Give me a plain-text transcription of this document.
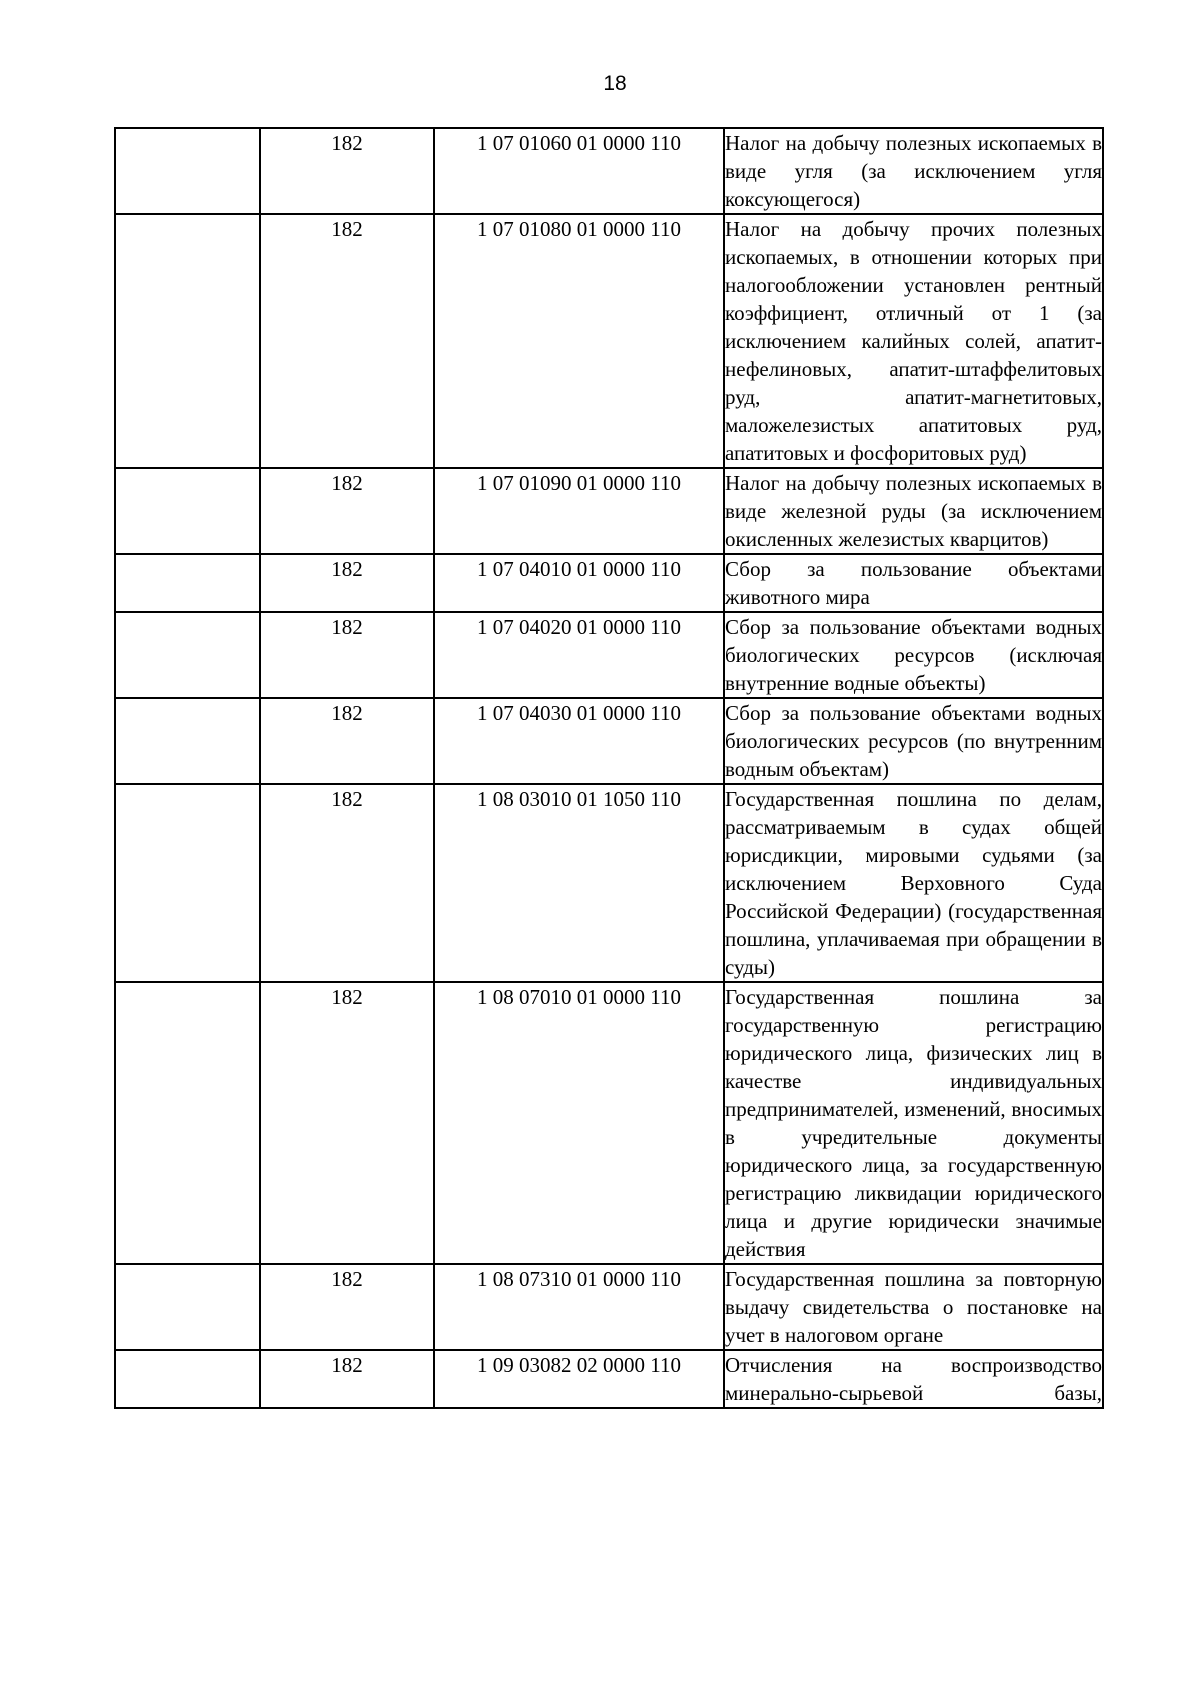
18
	182	1 07 01060 01 0000 110	Налог на добычу полезных ископаемых в виде угля (за исключением угля коксующегося)
	182	1 07 01080 01 0000 110	Налог на добычу прочих полезных ископаемых, в отношении которых при налогообложении установлен рентный коэффициент, отличный от 1 (за исключением калийных солей, апатит-нефелиновых, апатит-штаффелитовых руд, апатит-магнетитовых, маложелезистых апатитовых руд, апатитовых и фосфоритовых руд)
	182	1 07 01090 01 0000 110	Налог на добычу полезных ископаемых в виде железной руды (за исключением окисленных железистых кварцитов)
	182	1 07 04010 01 0000 110	Сбор за пользование объектами животного мира
	182	1 07 04020 01 0000 110	Сбор за пользование объектами водных биологических ресурсов (исключая внутренние водные объекты)
	182	1 07 04030 01 0000 110	Сбор за пользование объектами водных биологических ресурсов (по внутренним водным объектам)
	182	1 08 03010 01 1050 110	Государственная пошлина по делам, рассматриваемым в судах общей юрисдикции, мировыми судьями (за исключением Верховного Суда Российской Федерации) (государственная пошлина, уплачиваемая при обращении в суды)
	182	1 08 07010 01 0000 110	Государственная пошлина за государственную регистрацию юридического лица, физических лиц в качестве индивидуальных предпринимателей, изменений, вносимых в учредительные документы юридического лица, за государственную регистрацию ликвидации юридического лица и другие юридически значимые действия
	182	1 08 07310 01 0000 110	Государственная пошлина за повторную выдачу свидетельства о постановке на учет в налоговом органе
	182	1 09 03082 02 0000 110	Отчисления на воспроизводство минерально-сырьевой базы,
